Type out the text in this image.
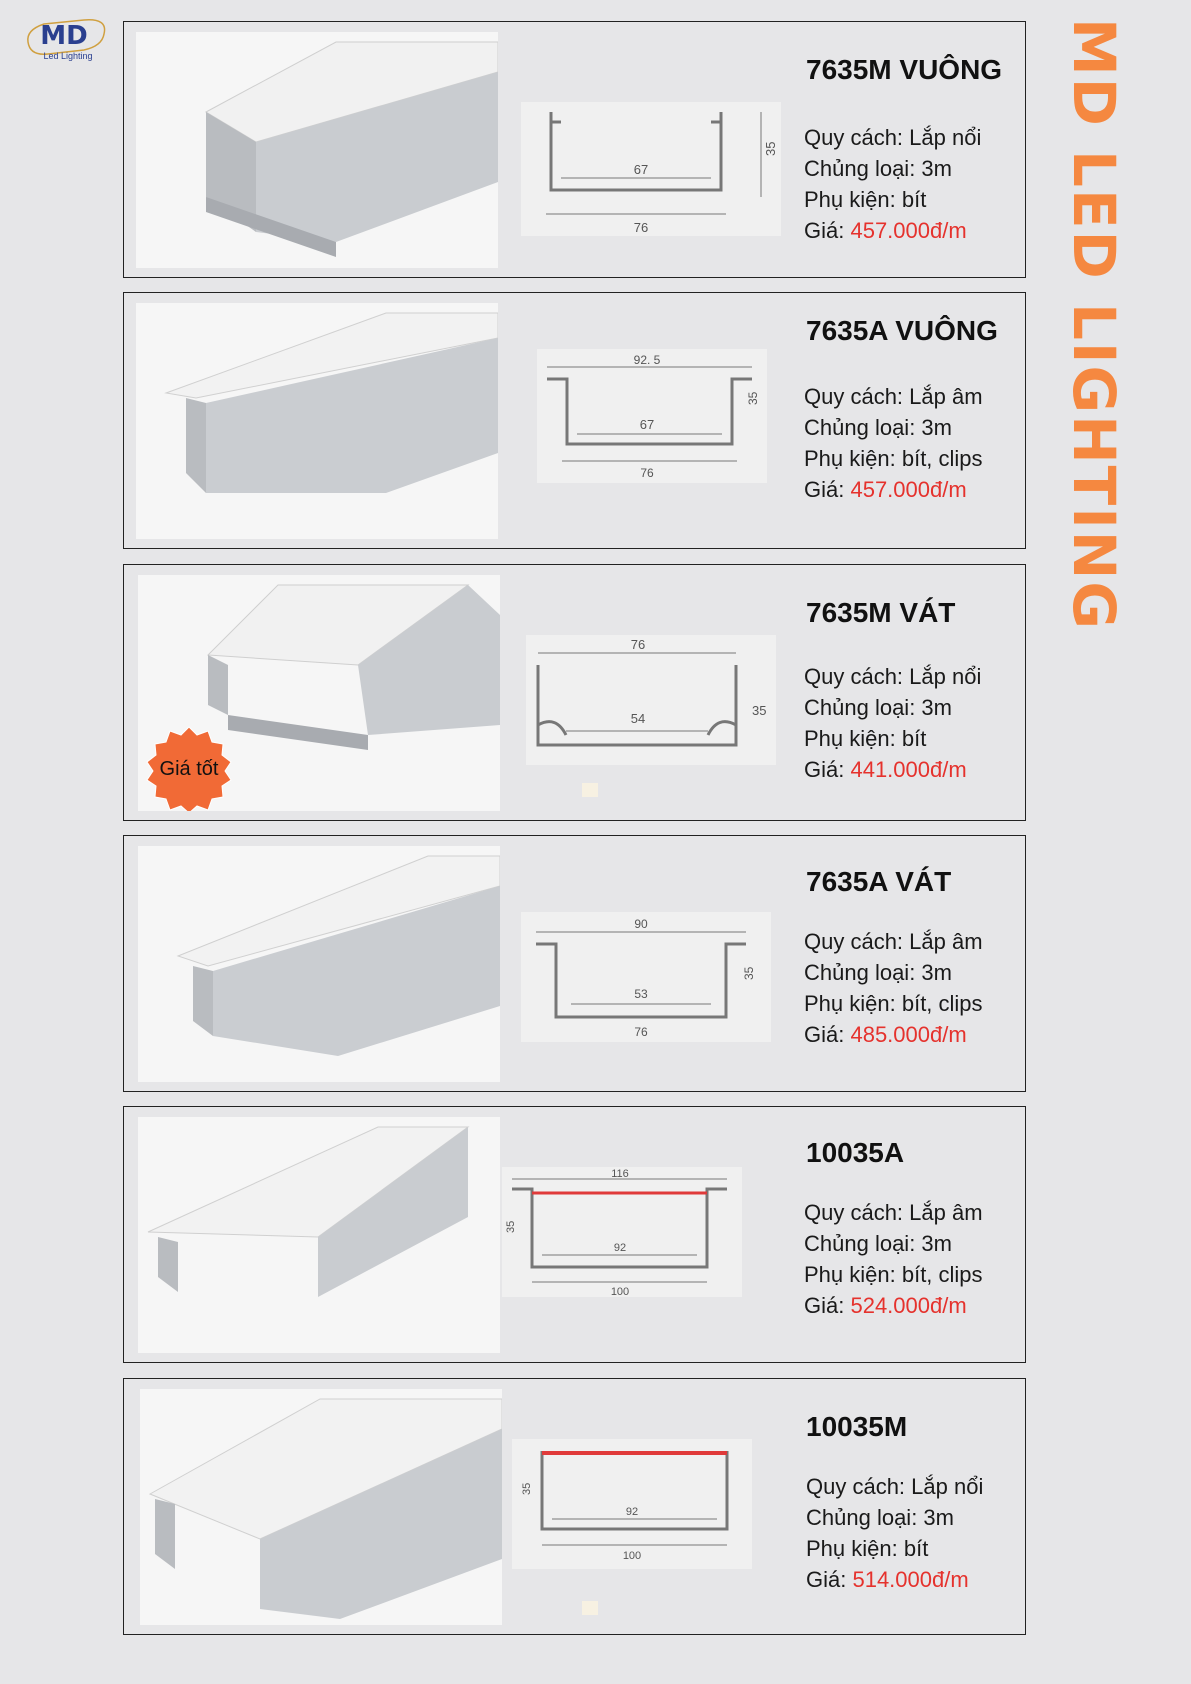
MD
Led Lighting	MD LED LIGHTING
67
76
35
7635M VUÔNG
Quy cách: Lắp nổi
Chủng loại: 3m
Phụ kiện: bít
Giá: 457.000đ/m
92. 5
67
76
35
7635A VUÔNG
Quy cách: Lắp âm
Chủng loại: 3m
Phụ kiện: bít, clips
Giá: 457.000đ/m
Giá tốt
76
54
35
7635M VÁT
Quy cách: Lắp nổi
Chủng loại: 3m
Phụ kiện: bít
Giá: 441.000đ/m
90
53
76
35
7635A VÁT
Quy cách: Lắp âm
Chủng loại: 3m
Phụ kiện: bít, clips
Giá: 485.000đ/m
116
92
100
35
10035A
Quy cách: Lắp âm
Chủng loại: 3m
Phụ kiện: bít, clips
Giá: 524.000đ/m
92
100
35
10035M
Quy cách: Lắp nổi
Chủng loại: 3m
Phụ kiện: bít
Giá: 514.000đ/m
